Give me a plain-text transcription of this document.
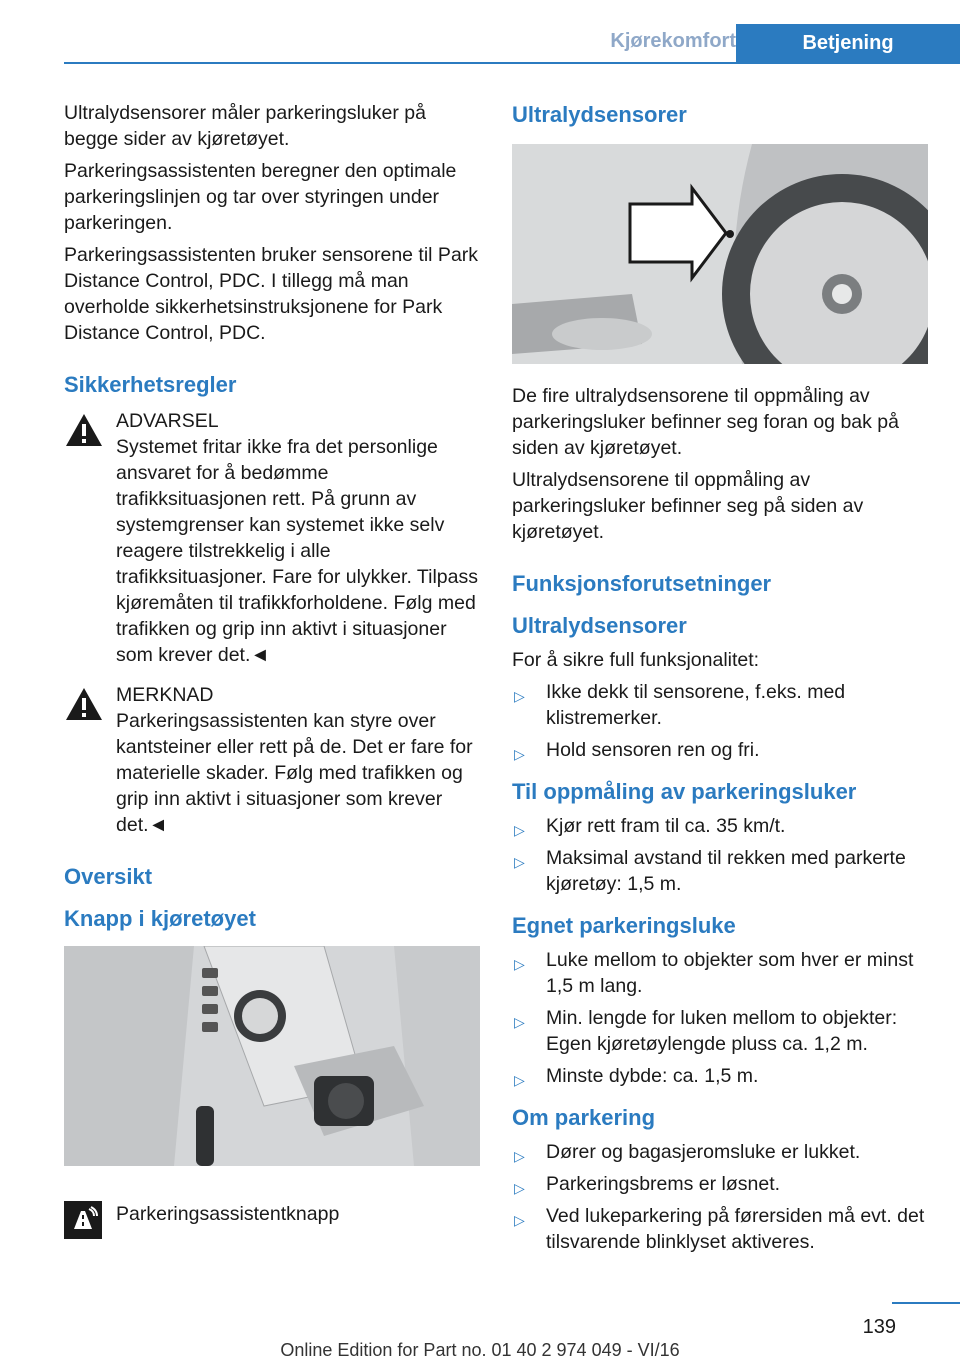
Kjørekomfort	Betjening

Ultralydsensorer måler parkeringsluker på begge sider av kjøretøyet.

Parkeringsassistenten beregner den optimale parkeringslinjen og tar over styringen under parkeringen.

Parkeringsassistenten bruker sensorene til Park Distance Control, PDC. I tillegg må man overholde sikkerhetsinstruksjonene for Park Distance Control, PDC.

Sikkerhetsregler
ADVARSEL
Systemet fritar ikke fra det personlige ansvaret for å bedømme trafikksituasjonen rett. På grunn av systemgrenser kan systemet ikke selv reagere tilstrekkelig i alle trafikksituasjoner. Fare for ulykker. Tilpass kjøremåten til trafikkforholdene. Følg med trafikken og grip inn aktivt i situasjoner som krever det.◄
MERKNAD
Parkeringsassistenten kan styre over kantsteiner eller rett på de. Det er fare for materielle skader. Følg med trafikken og grip inn aktivt i situasjoner som krever det.◄
Oversikt
Knapp i kjøretøyet
Parkeringsassistentknapp
Ultralydsensorer

De fire ultralydsensorene til oppmåling av parkeringsluker befinner seg foran og bak på siden av kjøretøyet.

Ultralydsensorene til oppmåling av parkeringsluker befinner seg på siden av kjøretøyet.

Funksjonsforutsetninger
Ultralydsensorer

For å sikre full funksjonalitet:

▷ Ikke dekk til sensorene, f.eks. med klistremerker.
▷ Hold sensoren ren og fri.
Til oppmåling av parkeringsluker
▷ Kjør rett fram til ca. 35 km/t.
▷ Maksimal avstand til rekken med parkerte kjøretøy: 1,5 m.
Egnet parkeringsluke
▷ Luke mellom to objekter som hver er minst 1,5 m lang.
▷ Min. lengde for luken mellom to objekter: Egen kjøretøylengde pluss ca. 1,2 m.
▷ Minste dybde: ca. 1,5 m.
Om parkering
▷ Dører og bagasjeromsluke er lukket.
▷ Parkeringsbrems er løsnet.
▷ Ved lukeparkering på førersiden må evt. det tilsvarende blinklyset aktiveres.
139
Online Edition for Part no. 01 40 2 974 049 - VI/16
